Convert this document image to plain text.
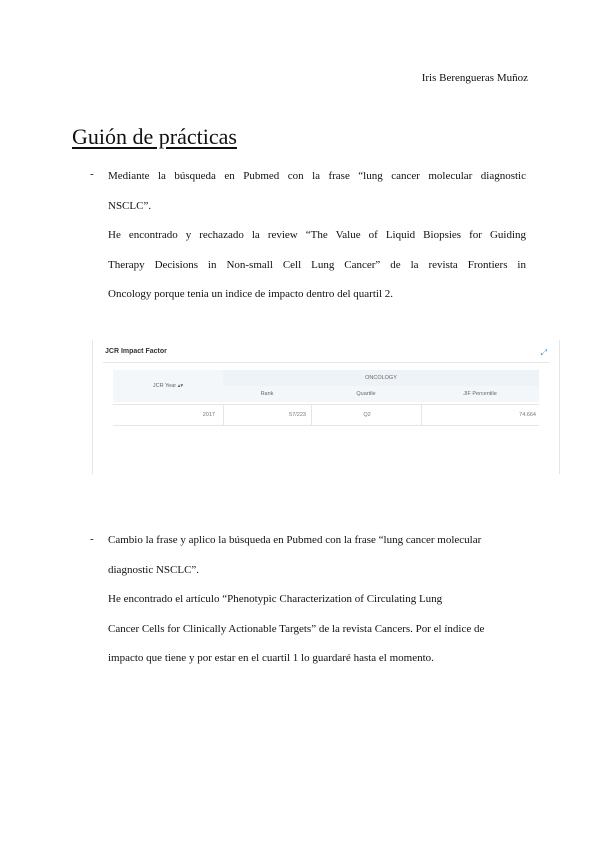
Iris Berengueras Muñoz
Guión de prácticas
- Mediante la búsqueda en Pubmed con la frase “lung cancer molecular diagnostic
NSCLC”.
He encontrado y rechazado la review “The Value of Liquid Biopsies for Guiding
Therapy Decisions in Non-small Cell Lung Cancer” de la revista Frontiers in
Oncology porque tenia un indice de impacto dentro del quartil 2.
JCR Impact Factor	⤢
JCR Year ▴▾
ONCOLOGY
Rank	Quartile	JIF Percentile
2017	57/223	Q2	74.664
- Cambio la frase y aplico la búsqueda en Pubmed con la frase “lung cancer molecular
diagnostic NSCLC”.
He encontrado el artículo “Phenotypic Characterization of Circulating Lung
Cancer Cells for Clinically Actionable Targets” de la revista Cancers. Por el índice de
impacto que tiene y por estar en el cuartil 1 lo guardaré hasta el momento.
